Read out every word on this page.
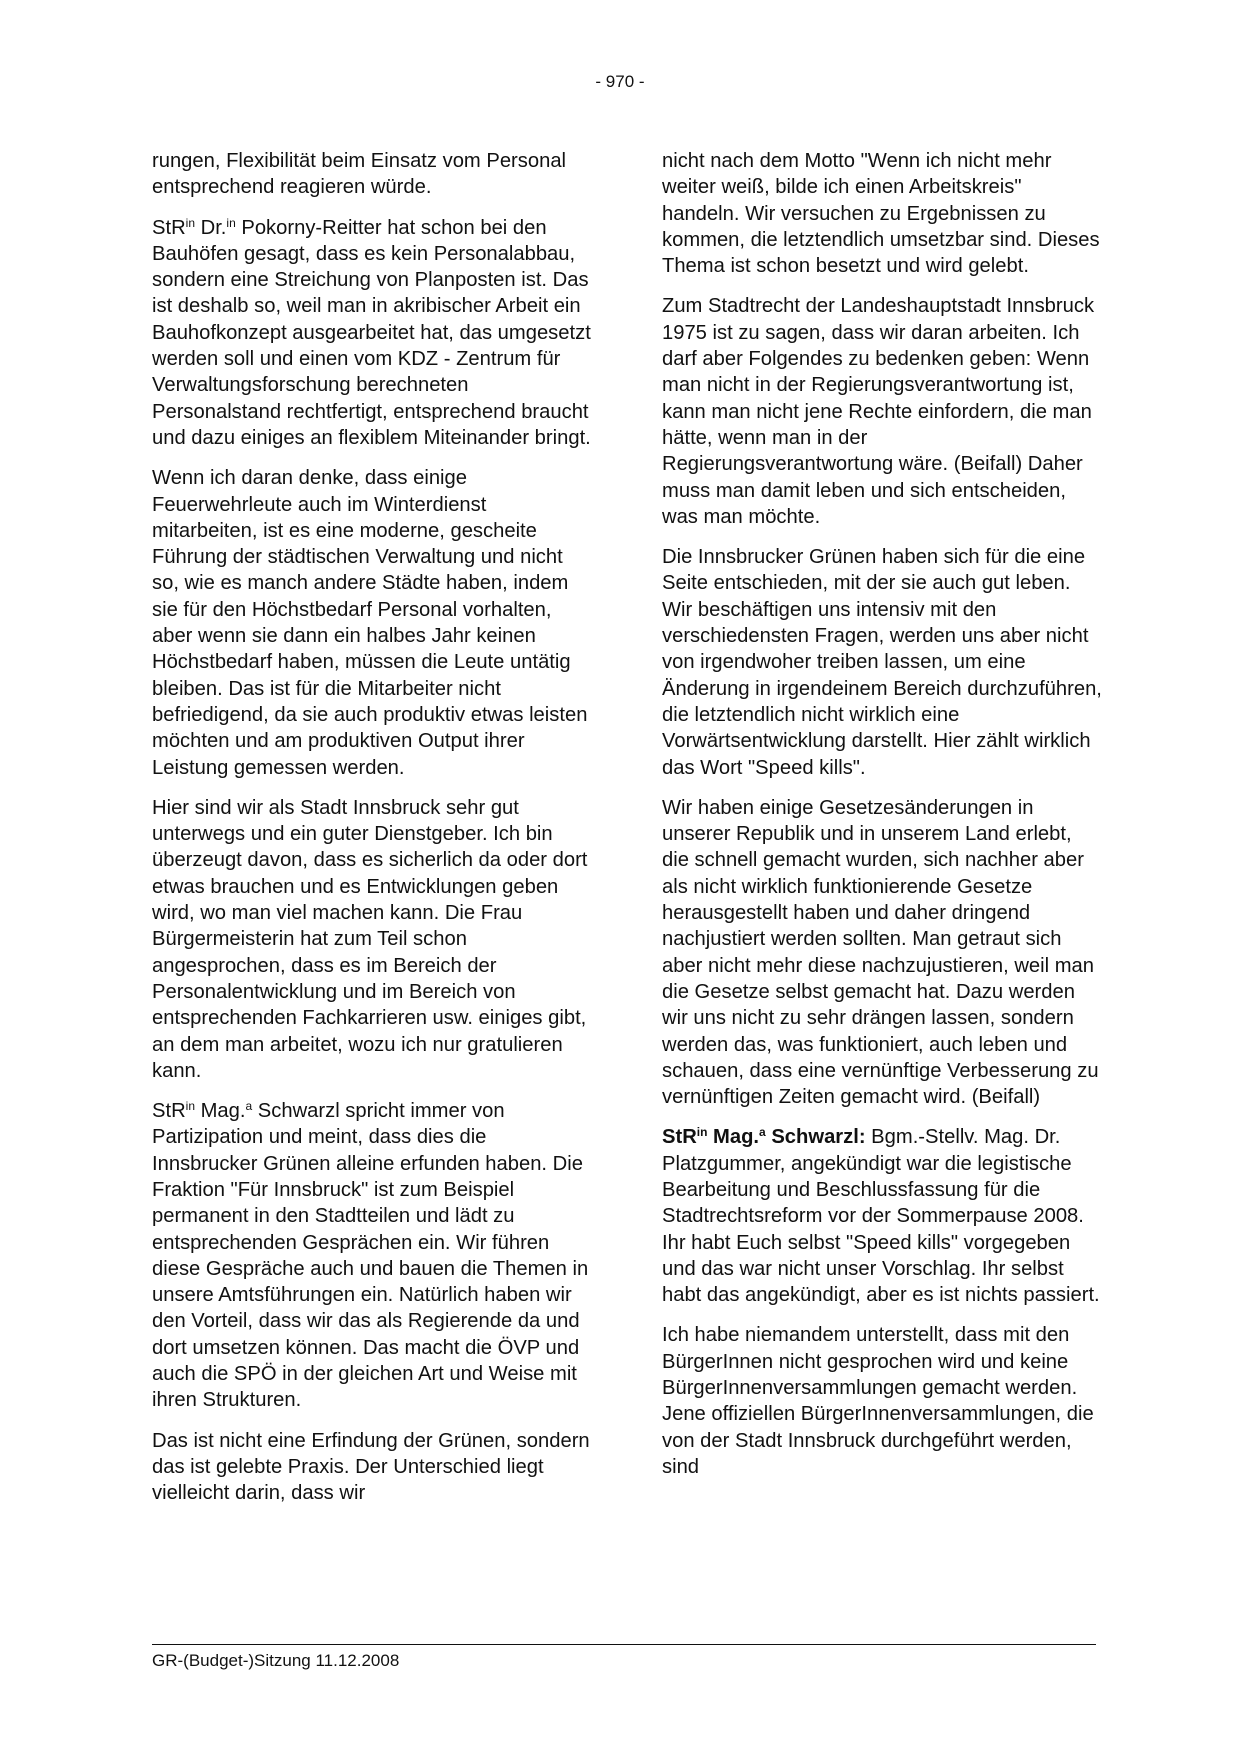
- 970 -

rungen, Flexibilität beim Einsatz vom Personal entsprechend reagieren würde.

StR$^{in}$ Dr.$^{in}$ Pokorny-Reitter hat schon bei den Bauhöfen gesagt, dass es kein Personalabbau, sondern eine Streichung von Planposten ist. Das ist deshalb so, weil man in akribischer Arbeit ein Bauhofkonzept ausgearbeitet hat, das umgesetzt werden soll und einen vom KDZ - Zentrum für Verwaltungsforschung berechneten Personalstand rechtfertigt, entsprechend braucht und dazu einiges an flexiblem Miteinander bringt.

Wenn ich daran denke, dass einige Feuerwehrleute auch im Winterdienst mitarbeiten, ist es eine moderne, gescheite Führung der städtischen Verwaltung und nicht so, wie es manch andere Städte haben, indem sie für den Höchstbedarf Personal vorhalten, aber wenn sie dann ein halbes Jahr keinen Höchstbedarf haben, müssen die Leute untätig bleiben. Das ist für die Mitarbeiter nicht befriedigend, da sie auch produktiv etwas leisten möchten und am produktiven Output ihrer Leistung gemessen werden.

Hier sind wir als Stadt Innsbruck sehr gut unterwegs und ein guter Dienstgeber. Ich bin überzeugt davon, dass es sicherlich da oder dort etwas brauchen und es Entwicklungen geben wird, wo man viel machen kann. Die Frau Bürgermeisterin hat zum Teil schon angesprochen, dass es im Bereich der Personalentwicklung und im Bereich von entsprechenden Fachkarrieren usw. einiges gibt, an dem man arbeitet, wozu ich nur gratulieren kann.

StR$^{in}$ Mag.$^a$ Schwarzl spricht immer von Partizipation und meint, dass dies die Innsbrucker Grünen alleine erfunden haben. Die Fraktion "Für Innsbruck" ist zum Beispiel permanent in den Stadtteilen und lädt zu entsprechenden Gesprächen ein. Wir führen diese Gespräche auch und bauen die Themen in unsere Amtsführungen ein. Natürlich haben wir den Vorteil, dass wir das als Regierende da und dort umsetzen können. Das macht die ÖVP und auch die SPÖ in der gleichen Art und Weise mit ihren Strukturen.

Das ist nicht eine Erfindung der Grünen, sondern das ist gelebte Praxis. Der Unterschied liegt vielleicht darin, dass wir

nicht nach dem Motto "Wenn ich nicht mehr weiter weiß, bilde ich einen Arbeitskreis" handeln. Wir versuchen zu Ergebnissen zu kommen, die letztendlich umsetzbar sind. Dieses Thema ist schon besetzt und wird gelebt.

Zum Stadtrecht der Landeshauptstadt Innsbruck 1975 ist zu sagen, dass wir daran arbeiten. Ich darf aber Folgendes zu bedenken geben: Wenn man nicht in der Regierungsverantwortung ist, kann man nicht jene Rechte einfordern, die man hätte, wenn man in der Regierungsverantwortung wäre. (Beifall) Daher muss man damit leben und sich entscheiden, was man möchte.

Die Innsbrucker Grünen haben sich für die eine Seite entschieden, mit der sie auch gut leben. Wir beschäftigen uns intensiv mit den verschiedensten Fragen, werden uns aber nicht von irgendwoher treiben lassen, um eine Änderung in irgendeinem Bereich durchzuführen, die letztendlich nicht wirklich eine Vorwärtsentwicklung darstellt. Hier zählt wirklich das Wort "Speed kills".

Wir haben einige Gesetzesänderungen in unserer Republik und in unserem Land erlebt, die schnell gemacht wurden, sich nachher aber als nicht wirklich funktionierende Gesetze herausgestellt haben und daher dringend nachjustiert werden sollten. Man getraut sich aber nicht mehr diese nachzujustieren, weil man die Gesetze selbst gemacht hat. Dazu werden wir uns nicht zu sehr drängen lassen, sondern werden das, was funktioniert, auch leben und schauen, dass eine vernünftige Verbesserung zu vernünftigen Zeiten gemacht wird. (Beifall)

StR$^{in}$ Mag.$^a$ Schwarzl: Bgm.-Stellv. Mag. Dr. Platzgummer, angekündigt war die legistische Bearbeitung und Beschlussfassung für die Stadtrechtsreform vor der Sommerpause 2008. Ihr habt Euch selbst "Speed kills" vorgegeben und das war nicht unser Vorschlag. Ihr selbst habt das angekündigt, aber es ist nichts passiert.

Ich habe niemandem unterstellt, dass mit den BürgerInnen nicht gesprochen wird und keine BürgerInnenversammlungen gemacht werden. Jene offiziellen BürgerInnenversammlungen, die von der Stadt Innsbruck durchgeführt werden, sind

GR-(Budget-)Sitzung 11.12.2008
